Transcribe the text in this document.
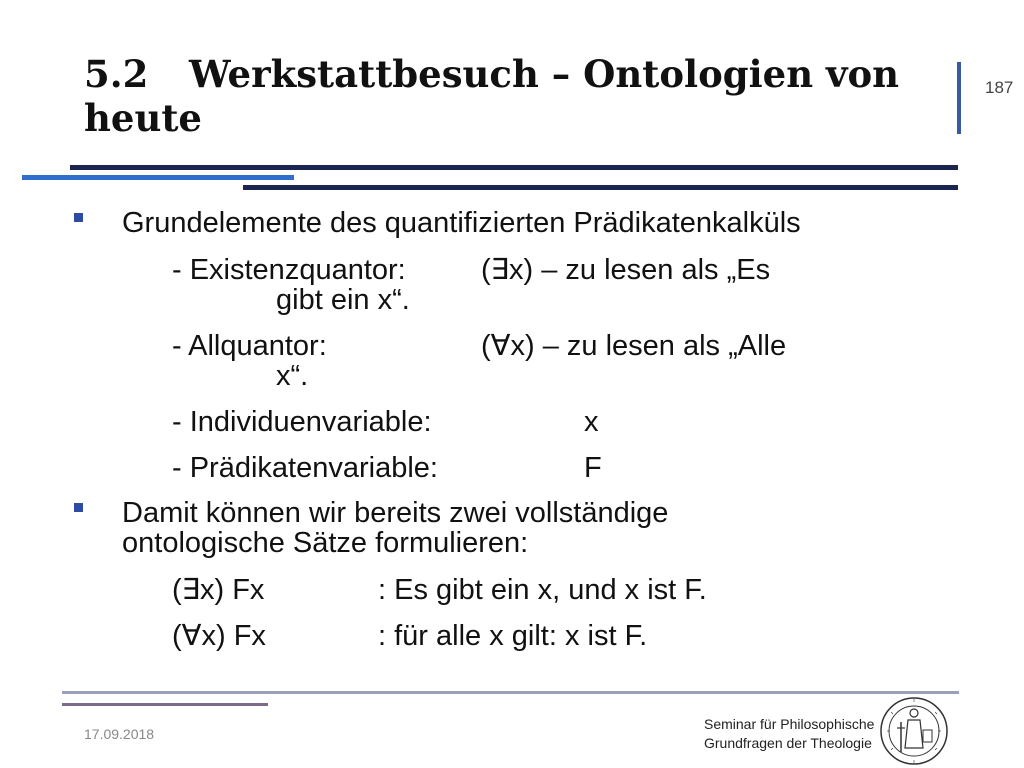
5.2 Werkstattbesuch – Ontologien von heute
187
Grundelemente des quantifizierten Prädikatenkalküls
- Existenzquantor:	(∃x) – zu lesen als „Es
gibt ein x“.
- Allquantor:	(∀x) – zu lesen als „Alle
x“.
- Individuenvariable:	x
- Prädikatenvariable:	F
Damit können wir bereits zwei vollständige
ontologische Sätze formulieren:
(∃x) Fx	: Es gibt ein x, und x ist F.
(∀x) Fx	: für alle x gilt: x ist F.
17.09.2018
Seminar für Philosophische
Grundfragen der Theologie
